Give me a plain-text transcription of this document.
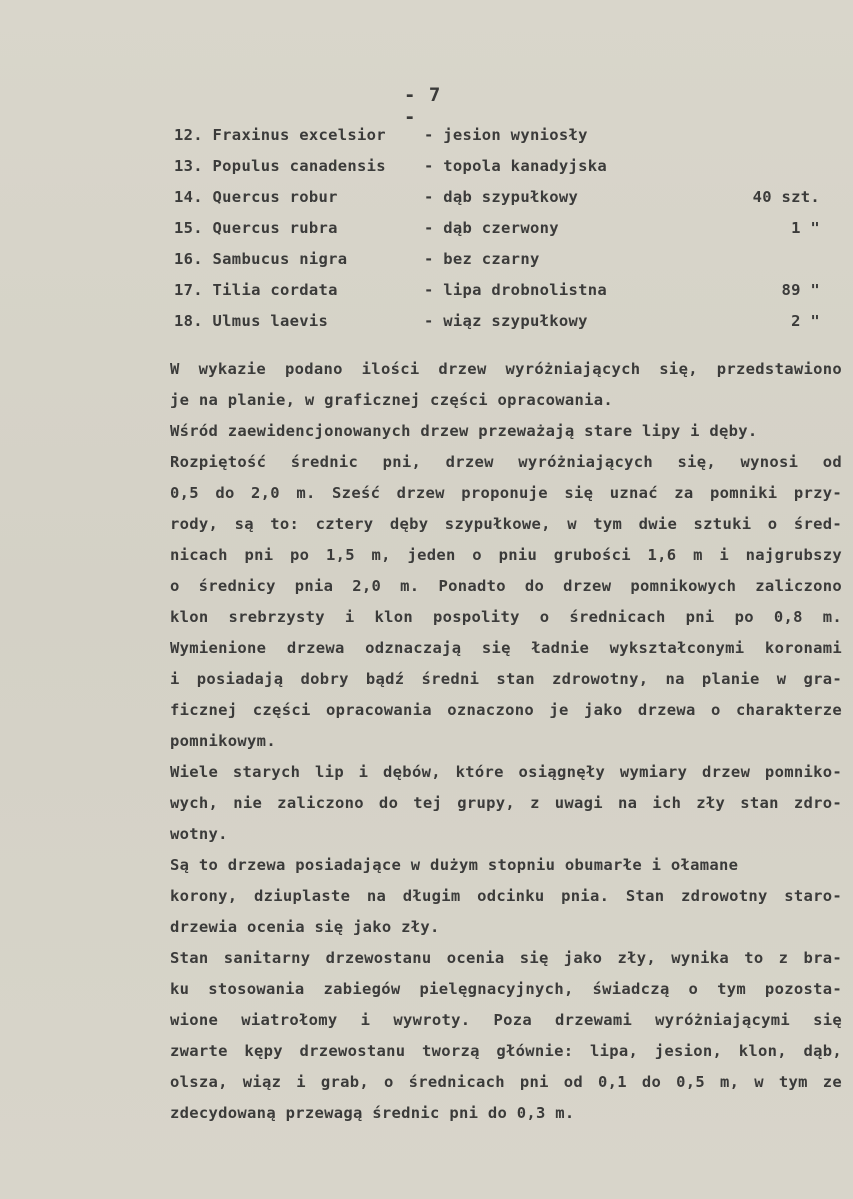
- 7 -
12. Fraxinus excelsior - jesion wyniosły
13. Populus canadensis - topola kanadyjska
14. Quercus robur	- dąb szypułkowy	40 szt.
15. Quercus rubra	- dąb czerwony	1 "
16. Sambucus nigra	- bez czarny
17. Tilia cordata	- lipa drobnolistna	89 "
18. Ulmus laevis	- wiąz szypułkowy	2 "
W wykazie podano ilości drzew wyróżniających się, przedstawiono
je na planie, w graficznej części opracowania.
Wśród zaewidencjonowanych drzew przeważają stare lipy i dęby.
Rozpiętość średnic pni, drzew wyróżniających się, wynosi od
0,5 do 2,0 m. Sześć drzew proponuje się uznać za pomniki przy-
rody, są to: cztery dęby szypułkowe, w tym dwie sztuki o śred-
nicach pni po 1,5 m, jeden o pniu grubości 1,6 m i najgrubszy
o średnicy pnia 2,0 m. Ponadto do drzew pomnikowych zaliczono
klon srebrzysty i klon pospolity o średnicach pni po 0,8 m.
Wymienione drzewa odznaczają się ładnie wykształconymi koronami
i posiadają dobry bądź średni stan zdrowotny, na planie w gra-
ficznej części opracowania oznaczono je jako drzewa o charakterze
pomnikowym.
Wiele starych lip i dębów, które osiągnęły wymiary drzew pomniko-
wych, nie zaliczono do tej grupy, z uwagi na ich zły stan zdro-
wotny.
Są to drzewa posiadające w dużym stopniu obumarłe i ołamane
korony, dziuplaste na długim odcinku pnia. Stan zdrowotny staro-
drzewia ocenia się jako zły.
Stan sanitarny drzewostanu ocenia się jako zły, wynika to z bra-
ku stosowania zabiegów pielęgnacyjnych, świadczą o tym pozosta-
wione wiatrołomy i wywroty. Poza drzewami wyróżniającymi się
zwarte kępy drzewostanu tworzą głównie: lipa, jesion, klon, dąb,
olsza, wiąz i grab, o średnicach pni od 0,1 do 0,5 m, w tym ze
zdecydowaną przewagą średnic pni do 0,3 m.
